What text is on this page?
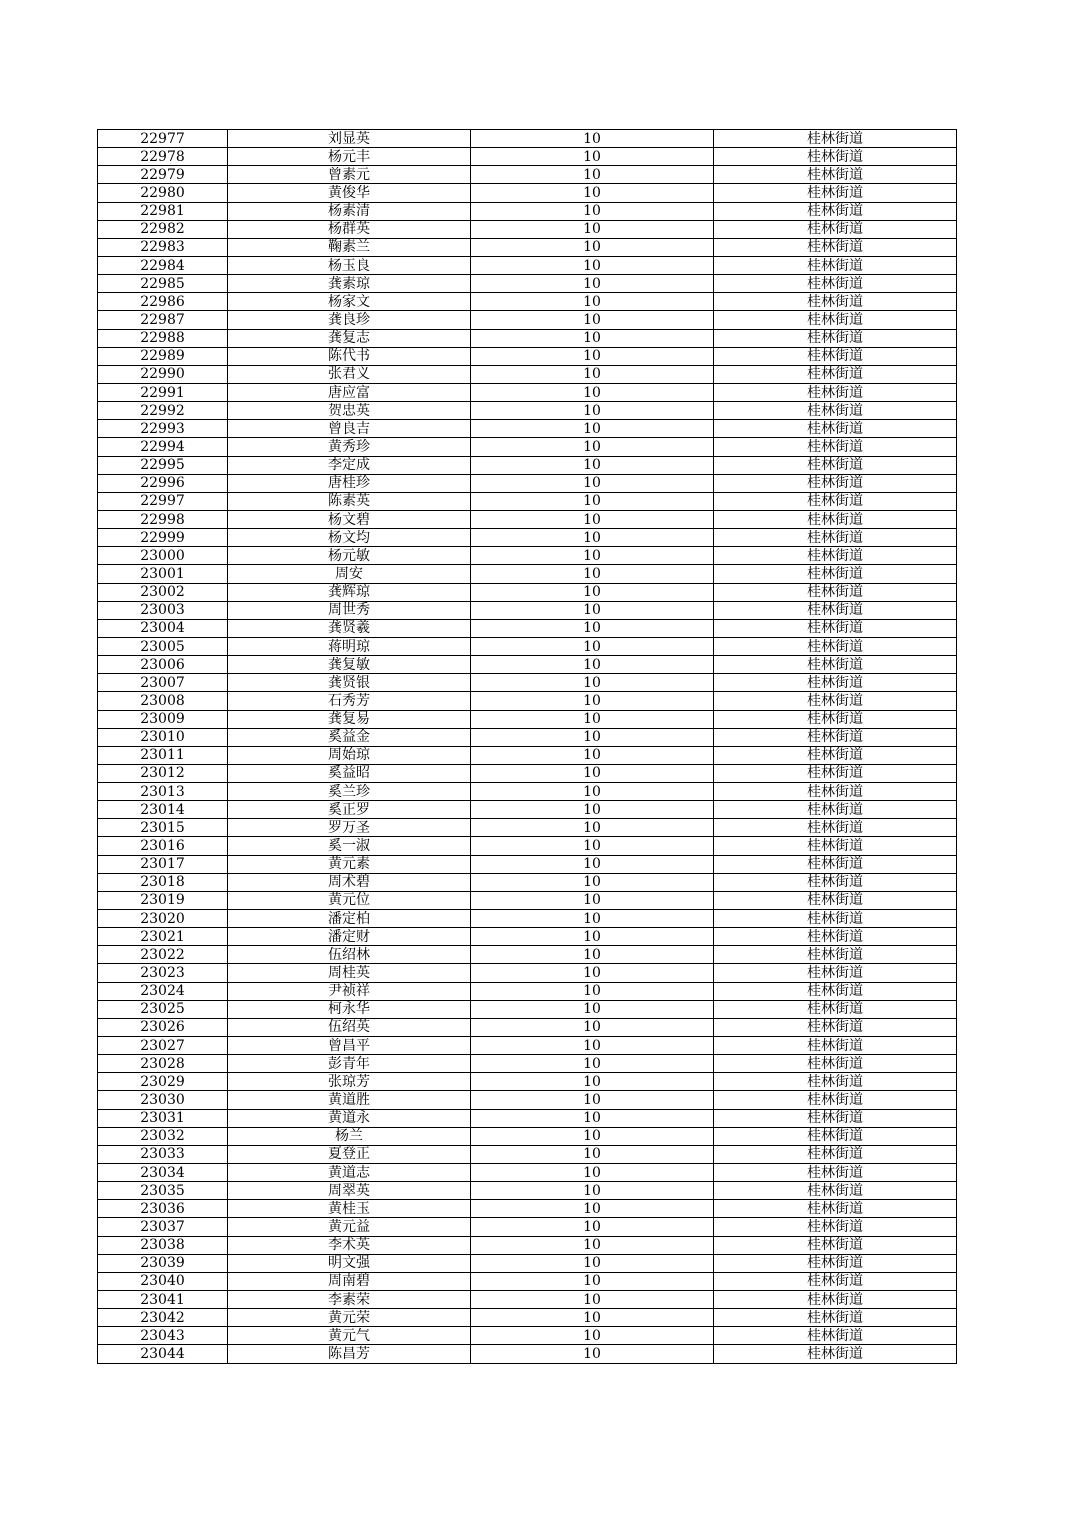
22977	刘显英	10	桂林街道
22978	杨元丰	10	桂林街道
22979	曾素元	10	桂林街道
22980	黄俊华	10	桂林街道
22981	杨素清	10	桂林街道
22982	杨群英	10	桂林街道
22983	鞠素兰	10	桂林街道
22984	杨玉良	10	桂林街道
22985	龚素琼	10	桂林街道
22986	杨家文	10	桂林街道
22987	龚良珍	10	桂林街道
22988	龚复志	10	桂林街道
22989	陈代书	10	桂林街道
22990	张君义	10	桂林街道
22991	唐应富	10	桂林街道
22992	贺忠英	10	桂林街道
22993	曾良吉	10	桂林街道
22994	黄秀珍	10	桂林街道
22995	李定成	10	桂林街道
22996	唐桂珍	10	桂林街道
22997	陈素英	10	桂林街道
22998	杨文碧	10	桂林街道
22999	杨文均	10	桂林街道
23000	杨元敏	10	桂林街道
23001	周安	10	桂林街道
23002	龚辉琼	10	桂林街道
23003	周世秀	10	桂林街道
23004	龚贤羲	10	桂林街道
23005	蒋明琼	10	桂林街道
23006	龚复敏	10	桂林街道
23007	龚贤银	10	桂林街道
23008	石秀芳	10	桂林街道
23009	龚复易	10	桂林街道
23010	奚益金	10	桂林街道
23011	周始琼	10	桂林街道
23012	奚益昭	10	桂林街道
23013	奚兰珍	10	桂林街道
23014	奚正罗	10	桂林街道
23015	罗万圣	10	桂林街道
23016	奚一淑	10	桂林街道
23017	黄元素	10	桂林街道
23018	周术碧	10	桂林街道
23019	黄元位	10	桂林街道
23020	潘定柏	10	桂林街道
23021	潘定财	10	桂林街道
23022	伍绍林	10	桂林街道
23023	周桂英	10	桂林街道
23024	尹祯祥	10	桂林街道
23025	柯永华	10	桂林街道
23026	伍绍英	10	桂林街道
23027	曾昌平	10	桂林街道
23028	彭青年	10	桂林街道
23029	张琼芳	10	桂林街道
23030	黄道胜	10	桂林街道
23031	黄道永	10	桂林街道
23032	杨兰	10	桂林街道
23033	夏登正	10	桂林街道
23034	黄道志	10	桂林街道
23035	周翠英	10	桂林街道
23036	黄桂玉	10	桂林街道
23037	黄元益	10	桂林街道
23038	李术英	10	桂林街道
23039	明文强	10	桂林街道
23040	周南碧	10	桂林街道
23041	李素荣	10	桂林街道
23042	黄元荣	10	桂林街道
23043	黄元气	10	桂林街道
23044	陈昌芳	10	桂林街道
